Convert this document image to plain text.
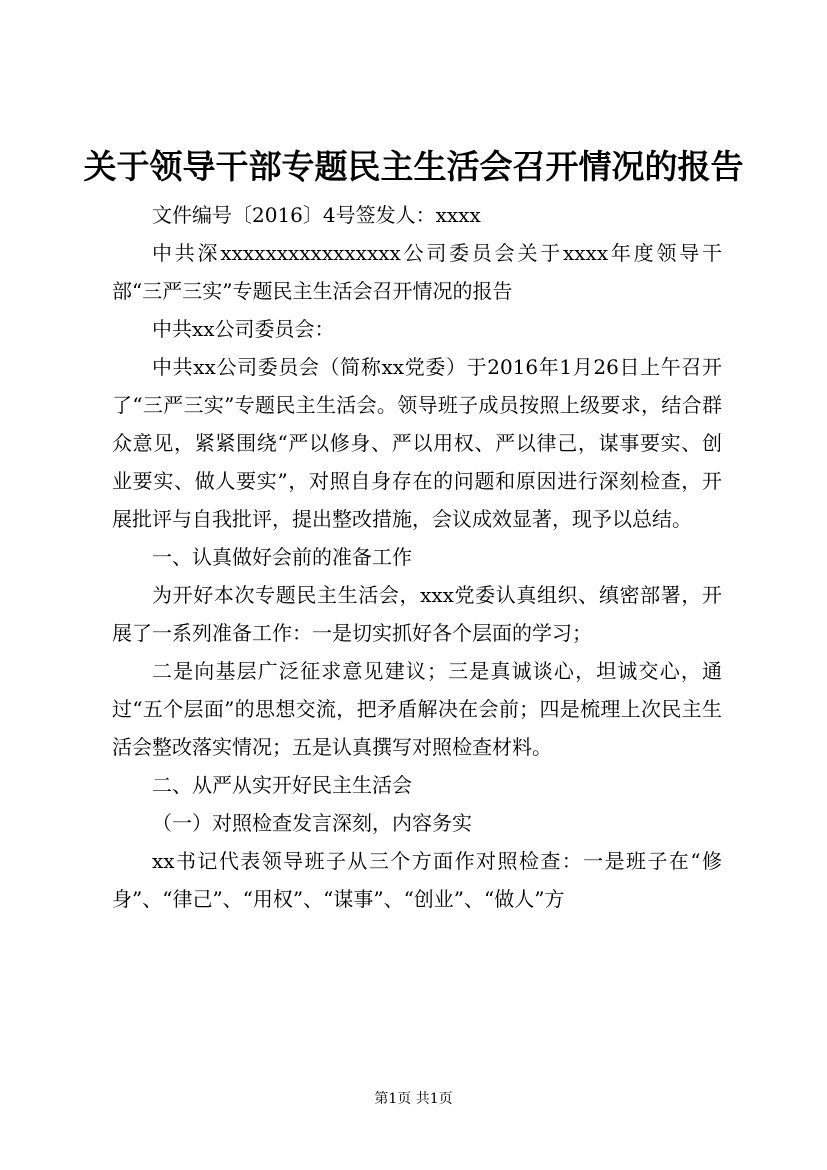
关于领导干部专题民主生活会召开情况的报告

文件编号〔2016〕4号签发人：xxxx

中共深xxxxxxxxxxxxxxxx公司委员会关于xxxx年度领导干部“三严三实”专题民主生活会召开情况的报告

中共xx公司委员会：

中共xx公司委员会（简称xx党委）于2016年1月26日上午召开了“三严三实”专题民主生活会。领导班子成员按照上级要求，结合群众意见，紧紧围绕“严以修身、严以用权、严以律己，谋事要实、创业要实、做人要实”，对照自身存在的问题和原因进行深刻检查，开展批评与自我批评，提出整改措施，会议成效显著，现予以总结。

一、认真做好会前的准备工作

为开好本次专题民主生活会，xxx党委认真组织、缜密部署，开展了一系列准备工作：一是切实抓好各个层面的学习；

二是向基层广泛征求意见建议；三是真诚谈心，坦诚交心，通过“五个层面”的思想交流，把矛盾解决在会前；四是梳理上次民主生活会整改落实情况；五是认真撰写对照检查材料。

二、从严从实开好民主生活会

（一）对照检查发言深刻，内容务实

xx书记代表领导班子从三个方面作对照检查：一是班子在“修身”、“律己”、“用权”、“谋事”、“创业”、“做人”方

第1页 共1页
